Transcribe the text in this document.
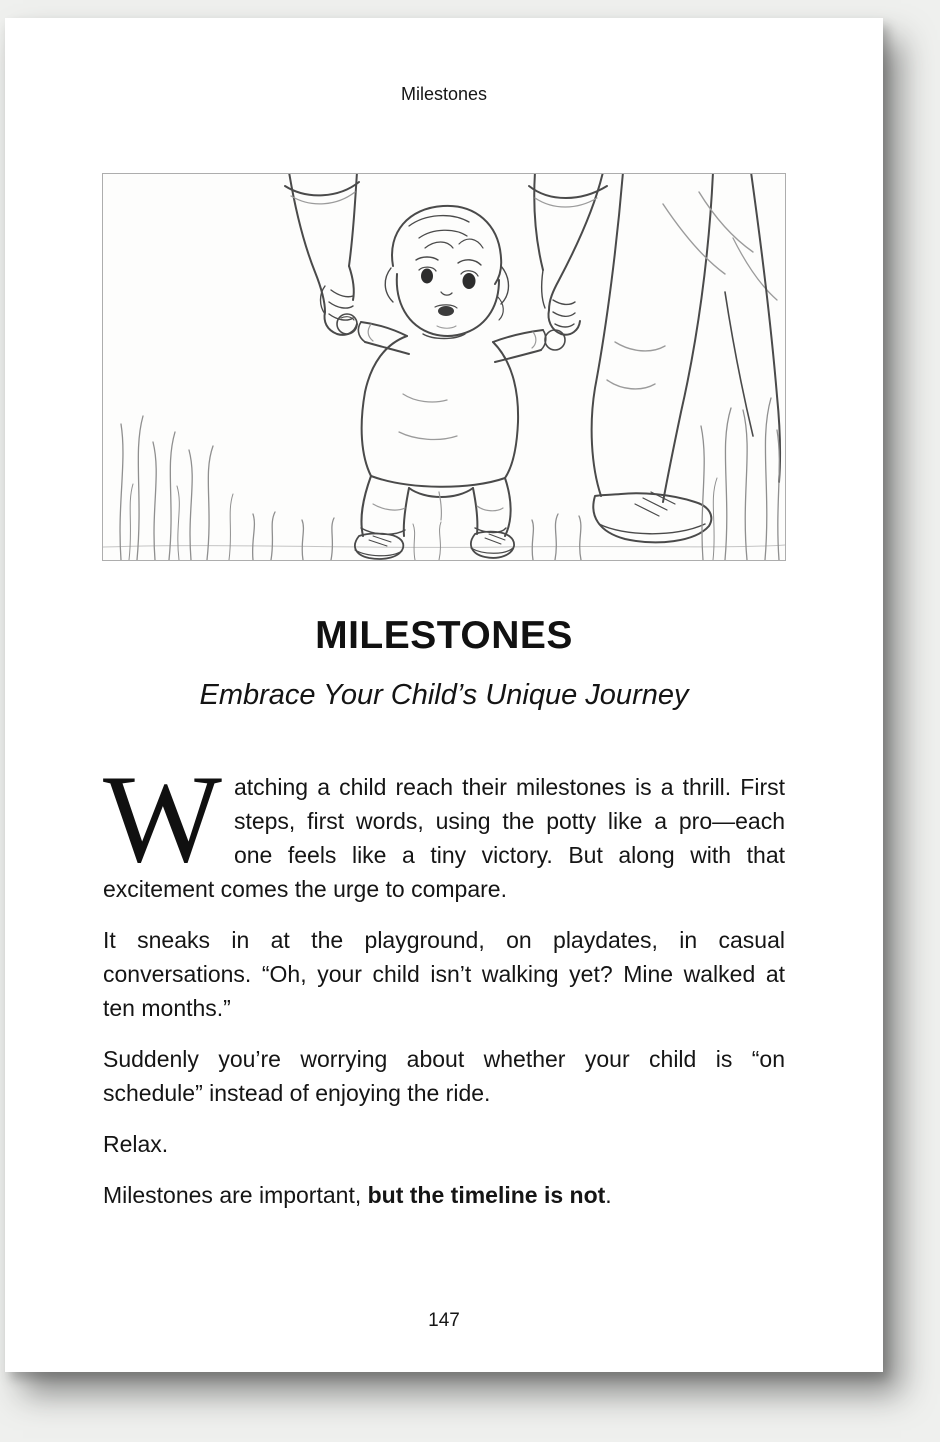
Milestones
MILESTONES
Embrace Your Child’s Unique Journey

Watching a child reach their milestones is a thrill. First steps, first words, using the potty like a pro—each one feels like a tiny victory. But along with that excitement comes the urge to compare.

It sneaks in at the playground, on playdates, in casual conversations. “Oh, your child isn’t walking yet? Mine walked at ten months.”

Suddenly you’re worrying about whether your child is “on schedule” instead of enjoying the ride.

Relax.

Milestones are important, but the timeline is not.

147
